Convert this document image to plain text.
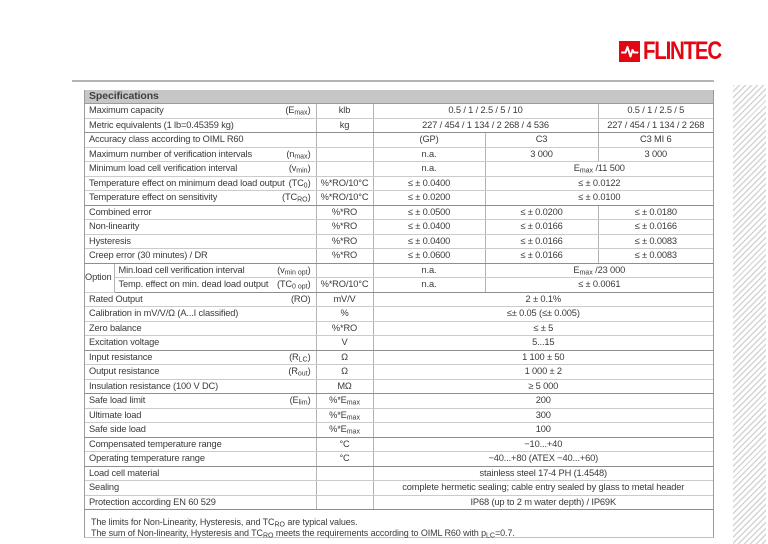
FLINTEC
Specifications
Maximum capacity $(E_{max})$		klb	0.5 / 1 / 2.5 / 5 / 10		0.5 / 1 / 2.5 / 5

Metric equivalents (1 lb=0.45359 kg)		kg	227 / 454 / 1 134 / 2 268 / 4 536		227 / 454 / 1 134 / 2 268

Accuracy class according to OIML R60			(GP)	C3	C3 MI 6

Maximum number of verification intervals $(n_{max})$			n.a.	3 000	3 000

Minimum load cell verification interval $(v_{min})$			n.a.	$E_{max}$ /11 500	

Temperature effect on minimum dead load output $(TC_0)$		%*RO/10°C	≤ ± 0.0400	≤ ± 0.0122	

Temperature effect on sensitivity $(TC_{RO})$		%*RO/10°C	≤ ± 0.0200	≤ ± 0.0100	

Combined error		%*RO	≤ ± 0.0500	≤ ± 0.0200	≤ ± 0.0180

Non-linearity		%*RO	≤ ± 0.0400	≤ ± 0.0166	≤ ± 0.0166

Hysteresis		%*RO	≤ ± 0.0400	≤ ± 0.0166	≤ ± 0.0083

Creep error (30 minutes) / DR		%*RO	≤ ± 0.0600	≤ ± 0.0166	≤ ± 0.0083
Option	Min.load cell verification interval $(v_{min opt})$		n.a.	$E_{max}$ /23 000	

	Temp. effect on min. dead load output $(TC_{0 opt})$	%*RO/10°C	n.a.	≤ ± 0.0061	

Rated Output (RO)		mV/V	2 ± 0.1%		

Calibration in mV/V/Ω (A...I classified)		%	≤± 0.05 (≤± 0.005)		

Zero balance		%*RO	≤ ± 5		

Excitation voltage		V	5...15		

Input resistance $(R_{LC})$		Ω	1 100 ± 50		

Output resistance $(R_{out})$		Ω	1 000 ± 2		

Insulation resistance (100 V DC)		MΩ	≥ 5 000		

Safe load limit $(E_{lim})$		$\%*E_{max}$	200		

Ultimate load		$\%*E_{max}$	300		

Safe side load		$\%*E_{max}$	100		

Compensated temperature range		°C	−10...+40		

Operating temperature range		°C	−40...+80 (ATEX −40...+60)		

Load cell material			stainless steel 17-4 PH (1.4548)		

Sealing			complete hermetic sealing; cable entry sealed by glass to metal header		

Protection according EN 60 529			IP68 (up to 2 m water depth) / IP69K		
The limits for Non-Linearity, Hysteresis, and $TC_{RO}$ are typical values.
The sum of Non-linearity, Hysteresis and $TC_{RO}$ meets the requirements according to OIML R60 with $p_{LC}=0.7$.
